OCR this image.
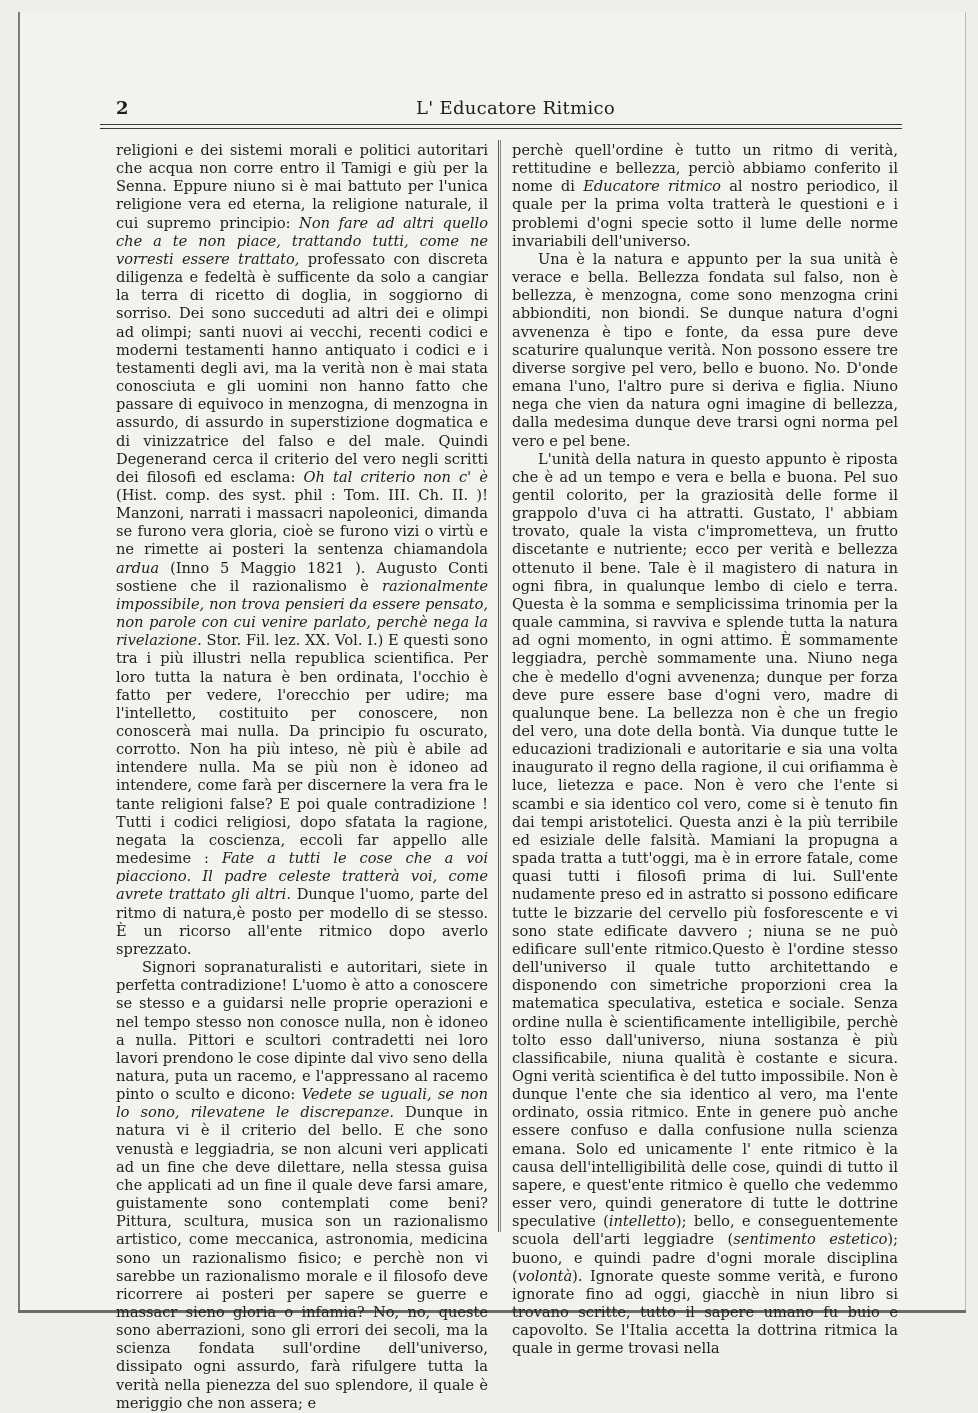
2	L' Educatore Ritmico

religioni e dei sistemi morali e politici autoritari che acqua non corre entro il Tamigi e giù per la Senna. Eppure niuno si è mai battuto per l'unica religione vera ed eterna, la religione naturale, il cui supremo principio: Non fare ad altri quello che a te non piace, trattando tutti, come ne vorresti essere trattato, professato con discreta diligenza e fedeltà è sufficente da solo a cangiar la terra di ricetto di doglia, in soggiorno di sorriso. Dei sono succeduti ad altri dei e olimpi ad olimpi; santi nuovi ai vecchi, recenti codici e moderni testamenti hanno antiquato i codici e i testamenti degli avi, ma la verità non è mai stata conosciuta e gli uomini non hanno fatto che passare di equivoco in menzogna, di menzogna in assurdo, di assurdo in superstizione dogmatica e di vinizzatrice del falso e del male. Quindi Degenerand cerca il criterio del vero negli scritti dei filosofi ed esclama: Oh tal criterio non c' è (Hist. comp. des syst. phil : Tom. III. Ch. II. )! Manzoni, narrati i massacri napoleonici, dimanda se furono vera gloria, cioè se furono vizi o virtù e ne rimette ai posteri la sentenza chiamandola ardua (Inno 5 Maggio 1821 ). Augusto Conti sostiene che il razionalismo è razionalmente impossibile, non trova pensieri da essere pensato, non parole con cui venire parlato, perchè nega la rivelazione. Stor. Fil. lez. XX. Vol. I.) E questi sono tra i più illustri nella republica scientifica. Per loro tutta la natura è ben ordinata, l'occhio è fatto per vedere, l'orecchio per udire; ma l'intelletto, costituito per conoscere, non conoscerà mai nulla. Da principio fu oscurato, corrotto. Non ha più inteso, nè più è abile ad intendere nulla. Ma se più non è idoneo ad intendere, come farà per discernere la vera fra le tante religioni false? E poi quale contradizione ! Tutti i codici religiosi, dopo sfatata la ragione, negata la coscienza, eccoli far appello alle medesime : Fate a tutti le cose che a voi piacciono. Il padre celeste tratterà voi, come avrete trattato gli altri. Dunque l'uomo, parte del ritmo di natura,è posto per modello di se stesso. È un ricorso all'ente ritmico dopo averlo sprezzato.

Signori sopranaturalisti e autoritari, siete in perfetta contradizione! L'uomo è atto a conoscere se stesso e a guidarsi nelle proprie operazioni e nel tempo stesso non conosce nulla, non è idoneo a nulla. Pittori e scultori contradetti nei loro lavori prendono le cose dipinte dal vivo seno della natura, puta un racemo, e l'appressano al racemo pinto o sculto e dicono: Vedete se uguali, se non lo sono, rilevatene le discrepanze. Dunque in natura vi è il criterio del bello. E che sono venustà e leggiadria, se non alcuni veri applicati ad un fine che deve dilettare, nella stessa guisa che applicati ad un fine il quale deve farsi amare, guistamente sono contemplati come beni? Pittura, scultura, musica son un razionalismo artistico, come meccanica, astronomia, medicina sono un razionalismo fisico; e perchè non vi sarebbe un razionalismo morale e il filosofo deve ricorrere ai posteri per sapere se guerre e massacr sieno gloria o infamia? No, no, queste sono aberrazioni, sono gli errori dei secoli, ma la scienza fondata sull'ordine dell'universo, dissipato ogni assurdo, farà rifulgere tutta la verità nella pienezza del suo splendore, il quale è meriggio che non assera; e

perchè quell'ordine è tutto un ritmo di verità, rettitudine e bellezza, perciò abbiamo conferito il nome di Educatore ritmico al nostro periodico, il quale per la prima volta tratterà le questioni e i problemi d'ogni specie sotto il lume delle norme invariabili dell'universo.

Una è la natura e appunto per la sua unità è verace e bella. Bellezza fondata sul falso, non è bellezza, è menzogna, come sono menzogna crini abbionditi, non biondi. Se dunque natura d'ogni avvenenza è tipo e fonte, da essa pure deve scaturire qualunque verità. Non possono essere tre diverse sorgive pel vero, bello e buono. No. D'onde emana l'uno, l'altro pure si deriva e figlia. Niuno nega che vien da natura ogni imagine di bellezza, dalla medesima dunque deve trarsi ogni norma pel vero e pel bene.

L'unità della natura in questo appunto è riposta che è ad un tempo e vera e bella e buona. Pel suo gentil colorito, per la graziosità delle forme il grappolo d'uva ci ha attratti. Gustato, l' abbiam trovato, quale la vista c'imprometteva, un frutto discetante e nutriente; ecco per verità e bellezza ottenuto il bene. Tale è il magistero di natura in ogni fibra, in qualunque lembo di cielo e terra. Questa è la somma e semplicissima trinomia per la quale cammina, si ravviva e splende tutta la natura ad ogni momento, in ogni attimo. È sommamente leggiadra, perchè sommamente una. Niuno nega che è medello d'ogni avvenenza; dunque per forza deve pure essere base d'ogni vero, madre di qualunque bene. La bellezza non è che un fregio del vero, una dote della bontà. Via dunque tutte le educazioni tradizionali e autoritarie e sia una volta inaugurato il regno della ragione, il cui orifiamma è luce, lietezza e pace. Non è vero che l'ente si scambi e sia identico col vero, come si è tenuto fin dai tempi aristotelici. Questa anzi è la più terribile ed esiziale delle falsità. Mamiani la propugna a spada tratta a tutt'oggi, ma è in errore fatale, come quasi tutti i filosofi prima di lui. Sull'ente nudamente preso ed in astratto si possono edificare tutte le bizzarie del cervello più fosforescente e vi sono state edificate davvero ; niuna se ne può edificare sull'ente ritmico.Questo è l'ordine stesso dell'universo il quale tutto architettando e disponendo con simetriche proporzioni crea la matematica speculativa, estetica e sociale. Senza ordine nulla è scientificamente intelligibile, perchè tolto esso dall'universo, niuna sostanza è più classificabile, niuna qualità è costante e sicura. Ogni verità scientifica è del tutto impossibile. Non è dunque l'ente che sia identico al vero, ma l'ente ordinato, ossia ritmico. Ente in genere può anche essere confuso e dalla confusione nulla scienza emana. Solo ed unicamente l' ente ritmico è la causa dell'intelligibilità delle cose, quindi di tutto il sapere, e quest'ente ritmico è quello che vedemmo esser vero, quindi generatore di tutte le dottrine speculative (intelletto); bello, e conseguentemente scuola dell'arti leggiadre (sentimento estetico); buono, e quindi padre d'ogni morale disciplina (volontà). Ignorate queste somme verità, e furono ignorate fino ad oggi, giacchè in niun libro si trovano scritte, tutto il sapere umano fu buio e capovolto. Se l'Italia accetta la dottrina ritmica la quale in germe trovasi nella
